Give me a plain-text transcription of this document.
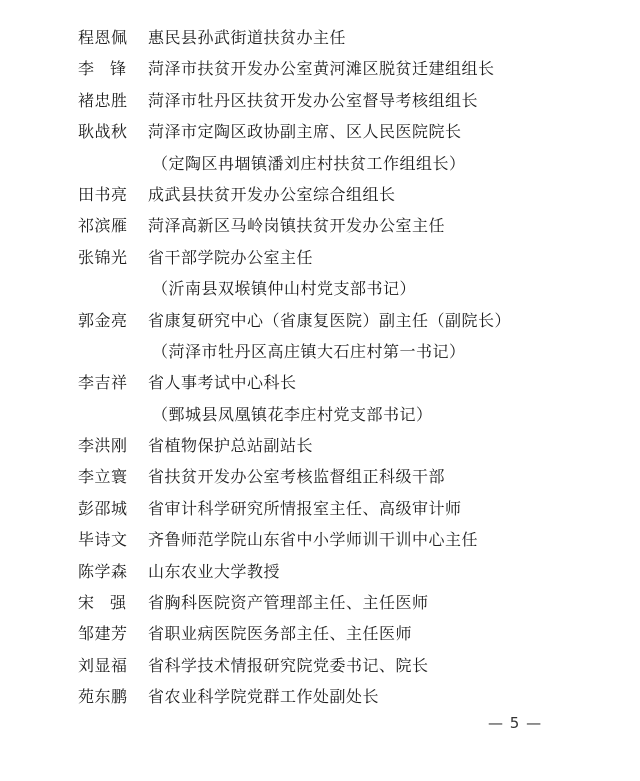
程恩佩	惠民县孙武街道扶贫办主任
李　锋	菏泽市扶贫开发办公室黄河滩区脱贫迁建组组长
褚忠胜	菏泽市牡丹区扶贫开发办公室督导考核组组长
耿战秋	菏泽市定陶区政协副主席、区人民医院院长
（定陶区冉堌镇潘刘庄村扶贫工作组组长）
田书亮	成武县扶贫开发办公室综合组组长
祁滨雁	菏泽高新区马岭岗镇扶贫开发办公室主任
张锦光	省干部学院办公室主任
（沂南县双堠镇仲山村党支部书记）
郭金亮	省康复研究中心（省康复医院）副主任（副院长）
（菏泽市牡丹区高庄镇大石庄村第一书记）
李吉祥	省人事考试中心科长
（鄄城县凤凰镇花李庄村党支部书记）
李洪刚	省植物保护总站副站长
李立寰	省扶贫开发办公室考核监督组正科级干部
彭邵城	省审计科学研究所情报室主任、高级审计师
毕诗文	齐鲁师范学院山东省中小学师训干训中心主任
陈学森	山东农业大学教授
宋　强	省胸科医院资产管理部主任、主任医师
邹建芳	省职业病医院医务部主任、主任医师
刘显福	省科学技术情报研究院党委书记、院长
苑东鹏	省农业科学院党群工作处副处长
— 5 —
